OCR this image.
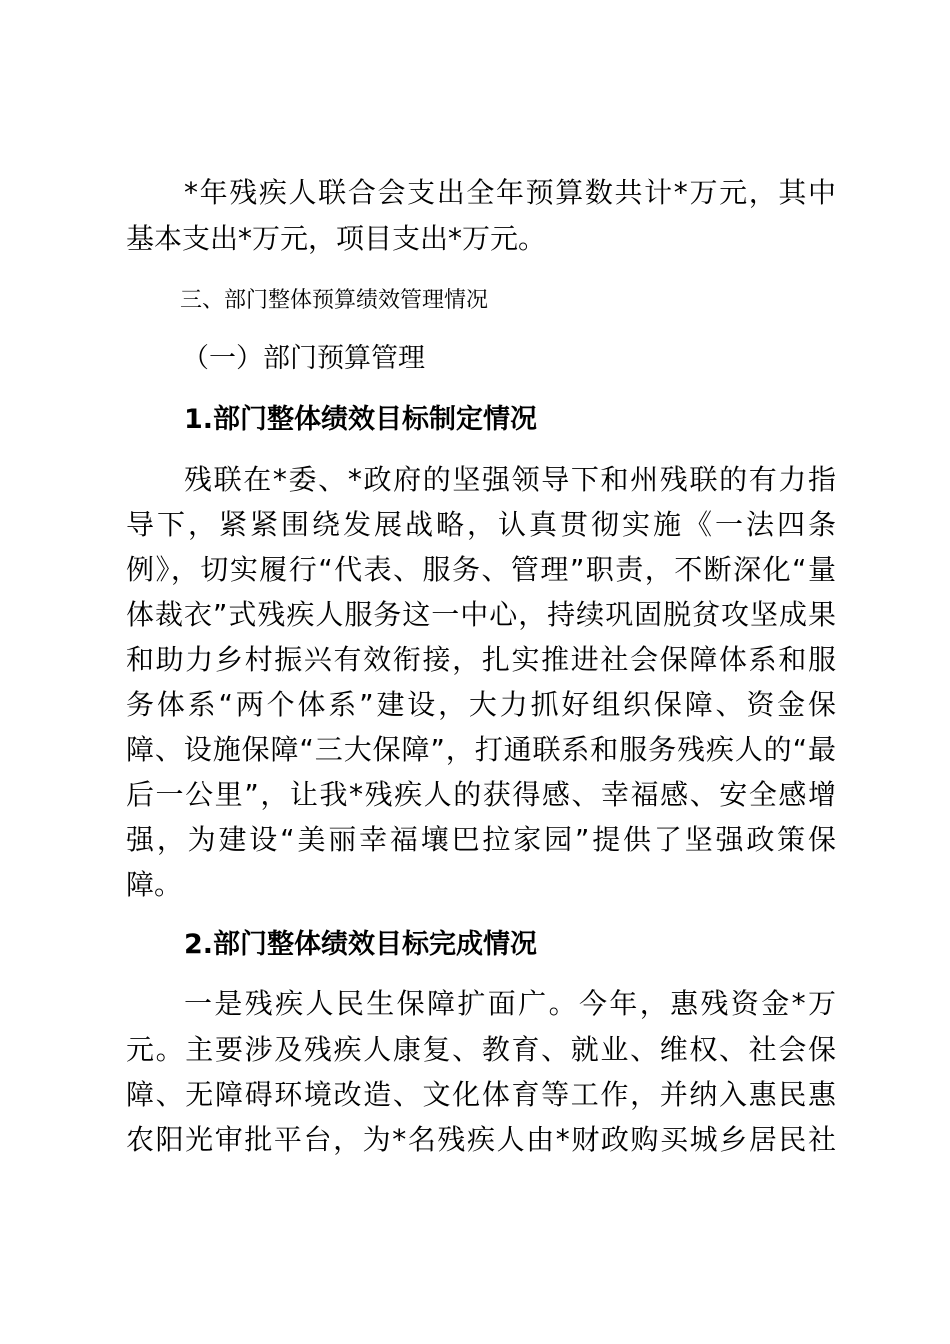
*年残疾人联合会支出全年预算数共计*万元，其中
基本支出*万元，项目支出*万元。
三、部门整体预算绩效管理情况
（一）部门预算管理
1.部门整体绩效目标制定情况
残联在*委、*政府的坚强领导下和州残联的有力指
导下，紧紧围绕发展战略，认真贯彻实施《一法四条
例》，切实履行“代表、服务、管理”职责，不断深化“量
体裁衣”式残疾人服务这一中心，持续巩固脱贫攻坚成果
和助力乡村振兴有效衔接，扎实推进社会保障体系和服
务体系“两个体系”建设，大力抓好组织保障、资金保
障、设施保障“三大保障”，打通联系和服务残疾人的“最
后一公里”，让我*残疾人的获得感、幸福感、安全感增
强，为建设“美丽幸福壤巴拉家园”提供了坚强政策保
障。
2.部门整体绩效目标完成情况
一是残疾人民生保障扩面广。今年，惠残资金*万
元。主要涉及残疾人康复、教育、就业、维权、社会保
障、无障碍环境改造、文化体育等工作，并纳入惠民惠
农阳光审批平台，为*名残疾人由*财政购买城乡居民社
